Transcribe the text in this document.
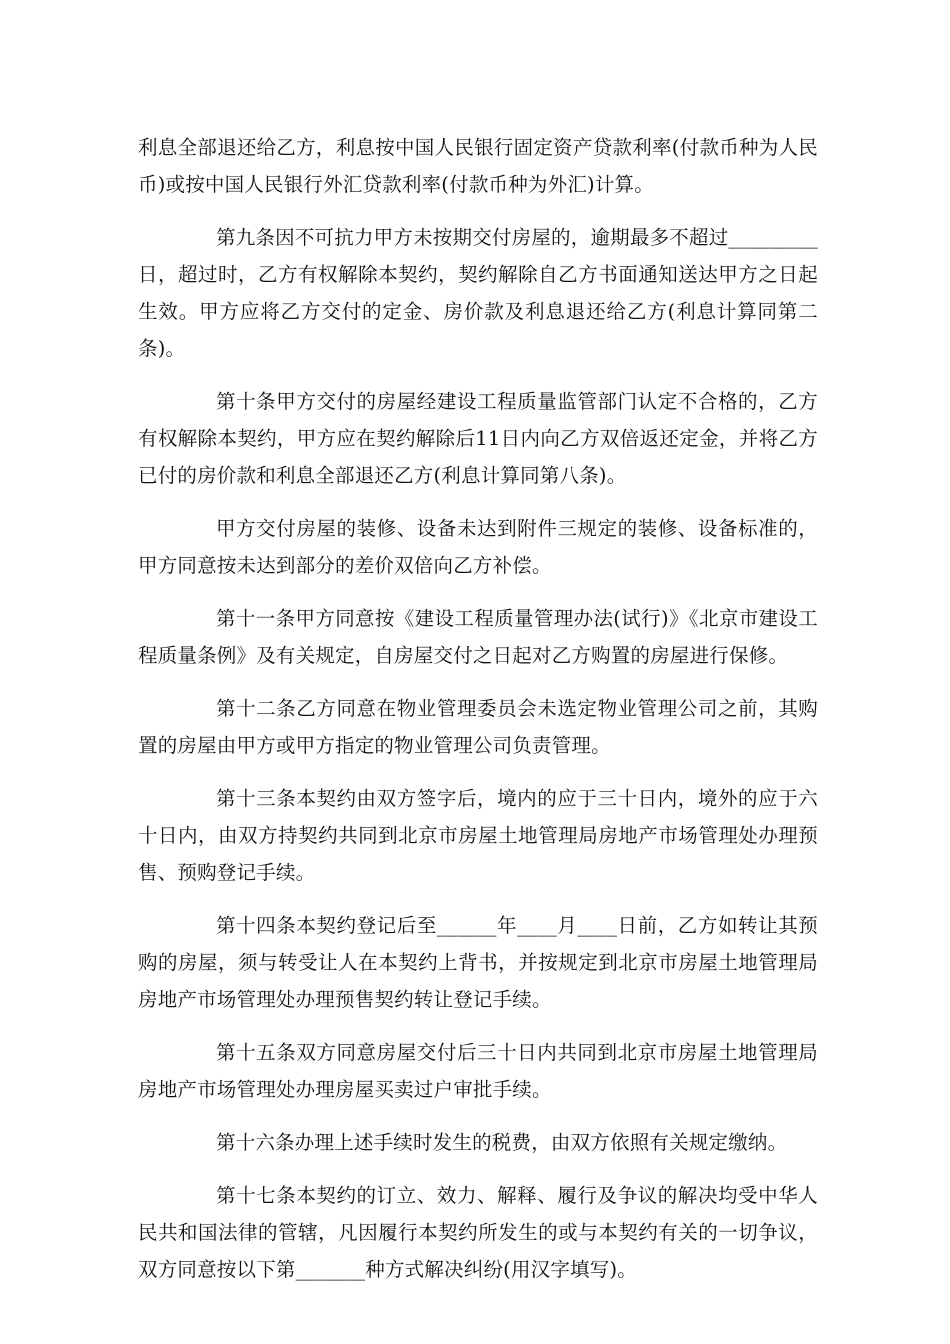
利息全部退还给乙方，利息按中国人民银行固定资产贷款利率(付款币种为人民币)或按中国人民银行外汇贷款利率(付款币种为外汇)计算。

第九条因不可抗力甲方未按期交付房屋的，逾期最多不超过_________日，超过时，乙方有权解除本契约，契约解除自乙方书面通知送达甲方之日起生效。甲方应将乙方交付的定金、房价款及利息退还给乙方(利息计算同第二条)。

第十条甲方交付的房屋经建设工程质量监管部门认定不合格的，乙方有权解除本契约，甲方应在契约解除后11日内向乙方双倍返还定金，并将乙方已付的房价款和利息全部退还乙方(利息计算同第八条)。

甲方交付房屋的装修、设备未达到附件三规定的装修、设备标准的，甲方同意按未达到部分的差价双倍向乙方补偿。

第十一条甲方同意按《建设工程质量管理办法(试行)》《北京市建设工程质量条例》及有关规定，自房屋交付之日起对乙方购置的房屋进行保修。

第十二条乙方同意在物业管理委员会未选定物业管理公司之前，其购置的房屋由甲方或甲方指定的物业管理公司负责管理。

第十三条本契约由双方签字后，境内的应于三十日内，境外的应于六十日内，由双方持契约共同到北京市房屋土地管理局房地产市场管理处办理预售、预购登记手续。

第十四条本契约登记后至______年____月____日前，乙方如转让其预购的房屋，须与转受让人在本契约上背书，并按规定到北京市房屋土地管理局房地产市场管理处办理预售契约转让登记手续。

第十五条双方同意房屋交付后三十日内共同到北京市房屋土地管理局房地产市场管理处办理房屋买卖过户审批手续。

第十六条办理上述手续时发生的税费，由双方依照有关规定缴纳。

第十七条本契约的订立、效力、解释、履行及争议的解决均受中华人民共和国法律的管辖，凡因履行本契约所发生的或与本契约有关的一切争议，双方同意按以下第_______种方式解决纠纷(用汉字填写)。
